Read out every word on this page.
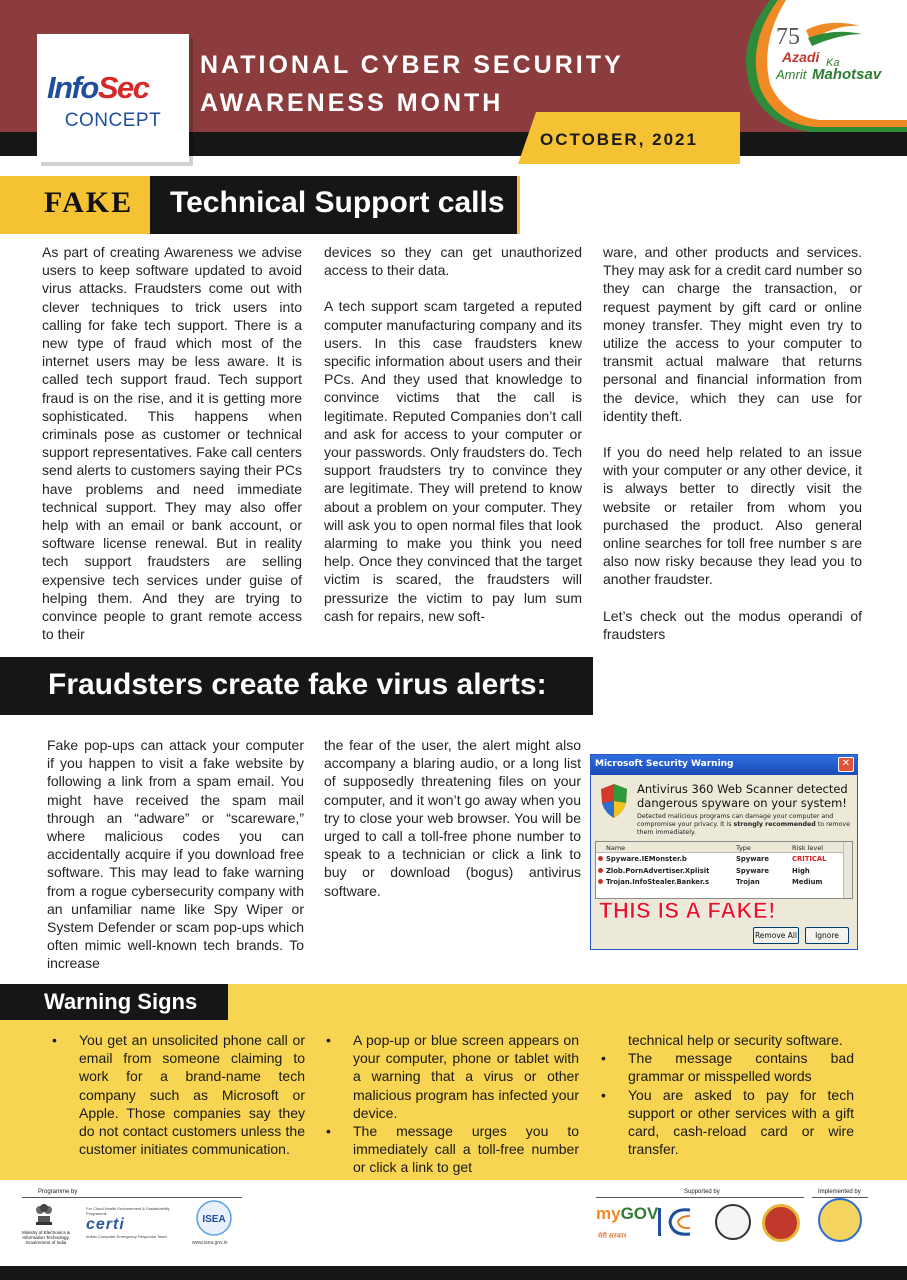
InfoSec
CONCEPT
NATIONAL CYBER SECURITY
AWARENESS MONTH
OCTOBER, 2021
75
Azadi Ka
Amrit Mahotsav
FAKE Technical Support calls

As part of creating Awareness we advise users to keep software updated to avoid virus attacks. Fraudsters come out with clever techniques to trick users into calling for fake tech support. There is a new type of fraud which most of the internet users may be less aware. It is called tech support fraud. Tech support fraud is on the rise, and it is getting more sophisticated. This happens when criminals pose as customer or technical support representatives. Fake call centers send alerts to customers saying their PCs have problems and need immediate technical support. They may also offer help with an email or bank account, or software license renewal. But in reality tech support fraudsters are selling expensive tech services under guise of helping them. And they are trying to convince people to grant remote access to their

devices so they can get unauthorized access to their data.

A tech support scam targeted a reputed computer manufacturing company and its users. In this case fraudsters knew specific information about users and their PCs. And they used that knowledge to convince victims that the call is legitimate. Reputed Companies don’t call and ask for access to your computer or your passwords. Only fraudsters do. Tech support fraudsters try to convince they are legitimate. They will pretend to know about a problem on your computer. They will ask you to open normal files that look alarming to make you think you need help. Once they convinced that the target victim is scared, the fraudsters will pressurize the victim to pay lum sum cash for repairs, new soft-

ware, and other products and services. They may ask for a credit card number so they can charge the transaction, or request payment by gift card or online money transfer. They might even try to utilize the access to your computer to transmit actual malware that returns personal and financial information from the device, which they can use for identity theft.

If you do need help related to an issue with your computer or any other device, it is always better to directly visit the website or retailer from whom you purchased the product. Also general online searches for toll free number s are also now risky because they lead you to another fraudster.

Let’s check out the modus operandi of fraudsters

Fraudsters create fake virus alerts:

Fake pop-ups can attack your computer if you happen to visit a fake website by following a link from a spam email. You might have received the spam mail through an “adware” or “scareware,” where malicious codes you can accidentally acquire if you download free software. This may lead to fake warning from a rogue cybersecurity company with an unfamiliar name like Spy Wiper or System Defender or scam pop-ups which often mimic well-known tech brands. To increase

the fear of the user, the alert might also accompany a blaring audio, or a long list of supposedly threatening files on your computer, and it won’t go away when you try to close your web browser. You will be urged to call a toll-free phone number to speak to a technician or click a link to buy or download (bogus) antivirus software.

Microsoft Security Warning	✕
Antivirus 360 Web Scanner detected dangerous spyware on your system!
Detected malicious programs can damage your computer and compromise your privacy. It is strongly recommended to remove them immediately.
Name	Type	Risk level
Spyware.IEMonster.b	Spyware	CRITICAL
Zlob.PornAdvertiser.Xplisit	Spyware	High
Trojan.InfoStealer.Banker.s	Trojan	Medium
THIS IS A FAKE!
Remove All	Ignore
Warning Signs
• You get an unsolicited phone call or email from someone claiming to work for a brand-name tech company such as Microsoft or Apple. Those companies say they do not contact customers unless the customer initiates communication.
• A pop-up or blue screen appears on your computer, phone or tablet with a warning that a virus or other malicious program has infected your device.
• The message urges you to immediately call a toll-free number or click a link to get
technical help or security software.
• The message contains bad grammar or misspelled words
• You are asked to pay for tech support or other services with a gift card, cash-reload card or wire transfer.
Programme by
Ministry of Electronics & Information Technology, Government of India
For Cloud Health Endorsement & Sustainability Programme
certi
Indian Computer Emergency Response Team
ISEA
www.isea.gov.in
Supported by	Implemented by
myGOV
मेरी सरकार
